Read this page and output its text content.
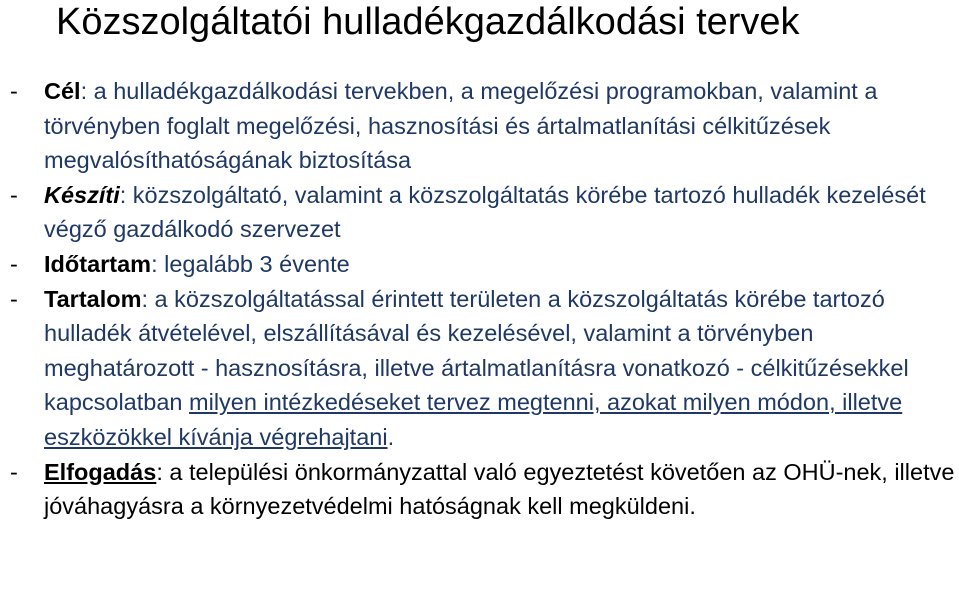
Közszolgáltatói hulladékgazdálkodási tervek
- Cél: a hulladékgazdálkodási tervekben, a megelőzési programokban, valamint a törvényben foglalt megelőzési, hasznosítási és ártalmatlanítási célkitűzések megvalósíthatóságának biztosítása
- Készíti: közszolgáltató, valamint a közszolgáltatás körébe tartozó hulladék kezelését végző gazdálkodó szervezet
- Időtartam: legalább 3 évente
- Tartalom: a közszolgáltatással érintett területen a közszolgáltatás körébe tartozó hulladék átvételével, elszállításával és kezelésével, valamint a törvényben meghatározott - hasznosításra, illetve ártalmatlanításra vonatkozó - célkitűzésekkel kapcsolatban milyen intézkedéseket tervez megtenni, azokat milyen módon, illetve eszközökkel kívánja végrehajtani.
- Elfogadás: a települési önkormányzattal való egyeztetést követően az OHÜ-nek, illetve jóváhagyásra a környezetvédelmi hatóságnak kell megküldeni.
